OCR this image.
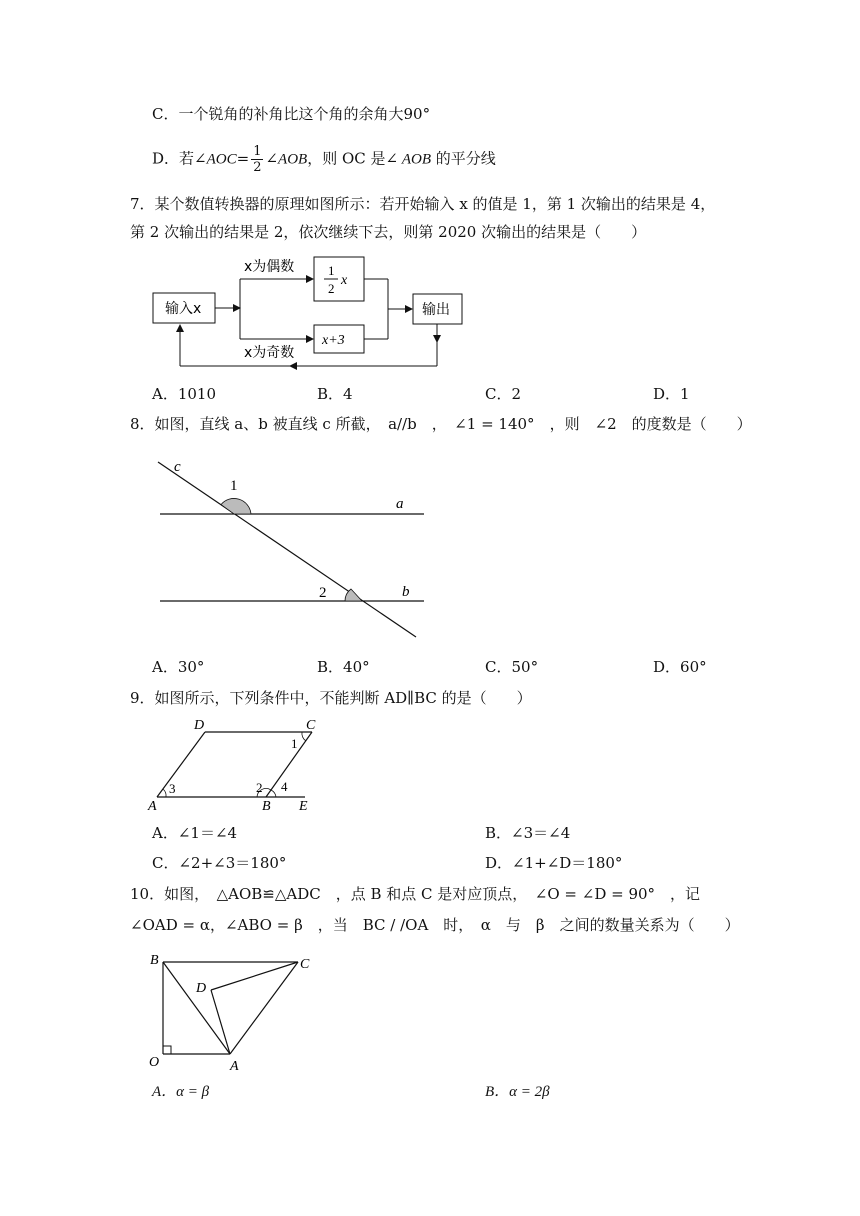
C．一个锐角的补角比这个角的余角大90°
D．若∠AOC= $\frac{1}{2}$ ∠AOB，则 OC 是∠ AOB 的平分线
7．某个数值转换器的原理如图所示：若开始输入 x 的值是 1，第 1 次输出的结果是 4，
第 2 次输出的结果是 2，依次继续下去，则第 2020 次输出的结果是（　　）
输入x
x为偶数
x为奇数
1
2
x
x+3
输出
c
1
a
2	b
D	C
A	B E
1
2
3	4
B	C
D
O	A
A．1010	B．4	C．2	D．1
8．如图，直线 a、b 被直线 c 所截，　a//b　，　∠1 = 140°　，则　∠2　的度数是（　　）
A．30°	B．40°	C．50°	D．60°
9．如图所示，下列条件中，不能判断 AD∥BC 的是（　　）
A．∠1＝∠4	B．∠3＝∠4
C．∠2+∠3＝180°	D．∠1+∠D＝180°
10．如图，　△AOB≌△ADC　，点 B 和点 C 是对应顶点，　∠O = ∠D = 90°　，记
∠OAD = α，∠ABO = β　，当　BC / /OA　时，　α　与　β　之间的数量关系为（　　）
A．α = β	B．α = 2β
